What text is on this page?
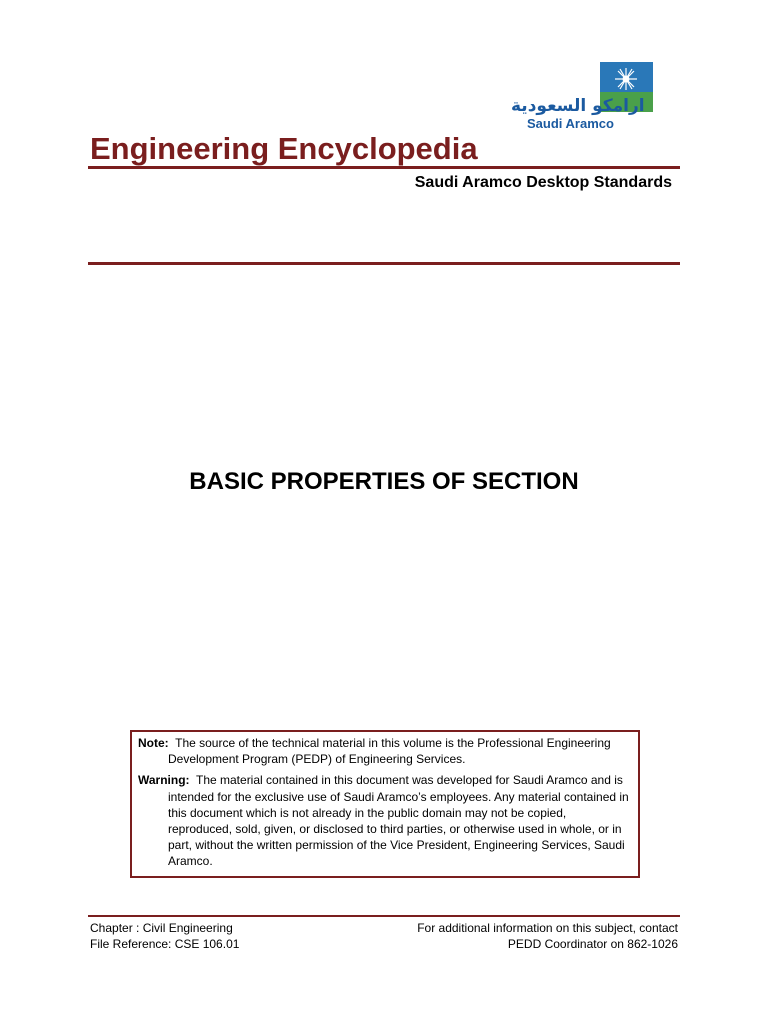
ارامكو السعودية
Saudi Aramco
Engineering Encyclopedia
Saudi Aramco Desktop Standards
BASIC PROPERTIES OF SECTION

Note: The source of the technical material in this volume is the Professional Engineering Development Program (PEDP) of Engineering Services.

Warning: The material contained in this document was developed for Saudi Aramco and is intended for the exclusive use of Saudi Aramco’s employees. Any material contained in this document which is not already in the public domain may not be copied, reproduced, sold, given, or disclosed to third parties, or otherwise used in whole, or in part, without the written permission of the Vice President, Engineering Services, Saudi Aramco.

Chapter : Civil Engineering
File Reference: CSE 106.01
For additional information on this subject, contact
PEDD Coordinator on 862-1026
